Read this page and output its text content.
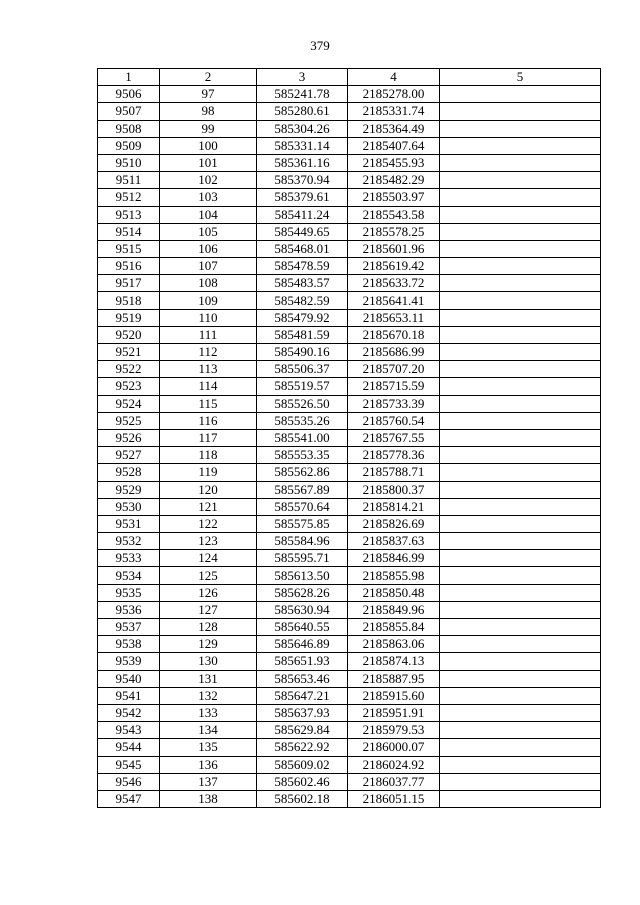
379
1	2	3	4	5
9506	97	585241.78	2185278.00	
9507	98	585280.61	2185331.74	
9508	99	585304.26	2185364.49	
9509	100	585331.14	2185407.64	
9510	101	585361.16	2185455.93	
9511	102	585370.94	2185482.29	
9512	103	585379.61	2185503.97	
9513	104	585411.24	2185543.58	
9514	105	585449.65	2185578.25	
9515	106	585468.01	2185601.96	
9516	107	585478.59	2185619.42	
9517	108	585483.57	2185633.72	
9518	109	585482.59	2185641.41	
9519	110	585479.92	2185653.11	
9520	111	585481.59	2185670.18	
9521	112	585490.16	2185686.99	
9522	113	585506.37	2185707.20	
9523	114	585519.57	2185715.59	
9524	115	585526.50	2185733.39	
9525	116	585535.26	2185760.54	
9526	117	585541.00	2185767.55	
9527	118	585553.35	2185778.36	
9528	119	585562.86	2185788.71	
9529	120	585567.89	2185800.37	
9530	121	585570.64	2185814.21	
9531	122	585575.85	2185826.69	
9532	123	585584.96	2185837.63	
9533	124	585595.71	2185846.99	
9534	125	585613.50	2185855.98	
9535	126	585628.26	2185850.48	
9536	127	585630.94	2185849.96	
9537	128	585640.55	2185855.84	
9538	129	585646.89	2185863.06	
9539	130	585651.93	2185874.13	
9540	131	585653.46	2185887.95	
9541	132	585647.21	2185915.60	
9542	133	585637.93	2185951.91	
9543	134	585629.84	2185979.53	
9544	135	585622.92	2186000.07	
9545	136	585609.02	2186024.92	
9546	137	585602.46	2186037.77	
9547	138	585602.18	2186051.15	
